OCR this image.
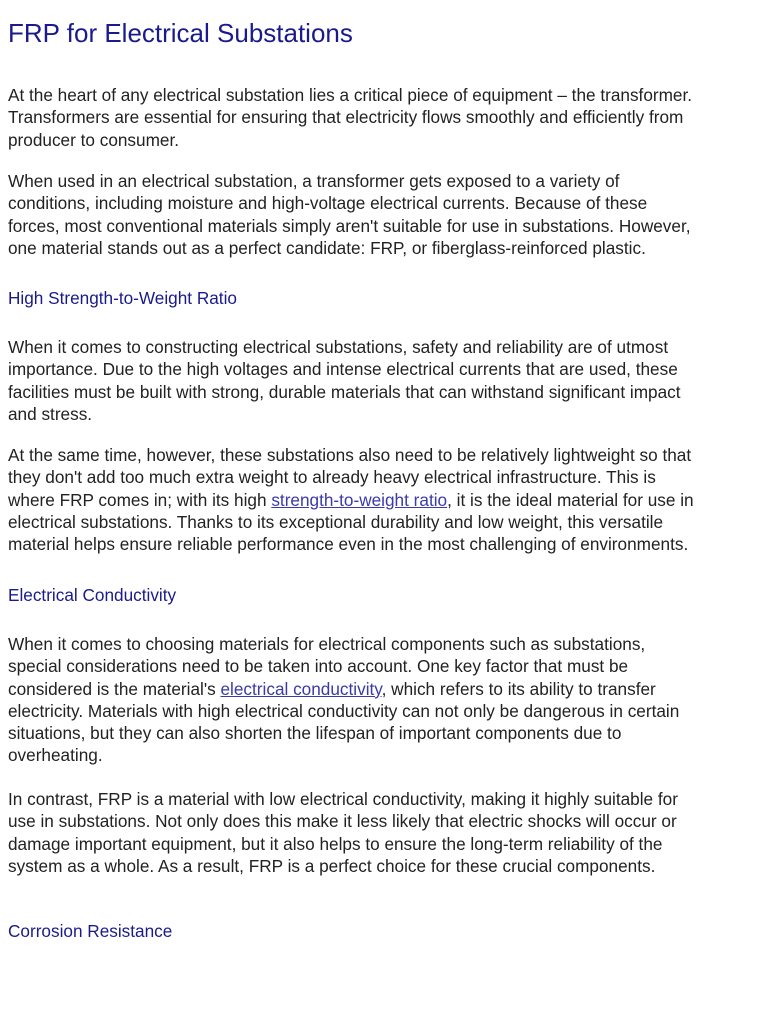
FRP for Electrical Substations

At the heart of any electrical substation lies a critical piece of equipment – the transformer.
Transformers are essential for ensuring that electricity flows smoothly and efficiently from
producer to consumer.

When used in an electrical substation, a transformer gets exposed to a variety of
conditions, including moisture and high-voltage electrical currents. Because of these
forces, most conventional materials simply aren't suitable for use in substations. However,
one material stands out as a perfect candidate: FRP, or fiberglass-reinforced plastic.

High Strength-to-Weight Ratio

When it comes to constructing electrical substations, safety and reliability are of utmost
importance. Due to the high voltages and intense electrical currents that are used, these
facilities must be built with strong, durable materials that can withstand significant impact
and stress.

At the same time, however, these substations also need to be relatively lightweight so that
they don't add too much extra weight to already heavy electrical infrastructure. This is
where FRP comes in; with its high strength-to-weight ratio, it is the ideal material for use in
electrical substations. Thanks to its exceptional durability and low weight, this versatile
material helps ensure reliable performance even in the most challenging of environments.

Electrical Conductivity

When it comes to choosing materials for electrical components such as substations,
special considerations need to be taken into account. One key factor that must be
considered is the material's electrical conductivity, which refers to its ability to transfer
electricity. Materials with high electrical conductivity can not only be dangerous in certain
situations, but they can also shorten the lifespan of important components due to
overheating.

In contrast, FRP is a material with low electrical conductivity, making it highly suitable for
use in substations. Not only does this make it less likely that electric shocks will occur or
damage important equipment, but it also helps to ensure the long-term reliability of the
system as a whole. As a result, FRP is a perfect choice for these crucial components.

Corrosion Resistance
